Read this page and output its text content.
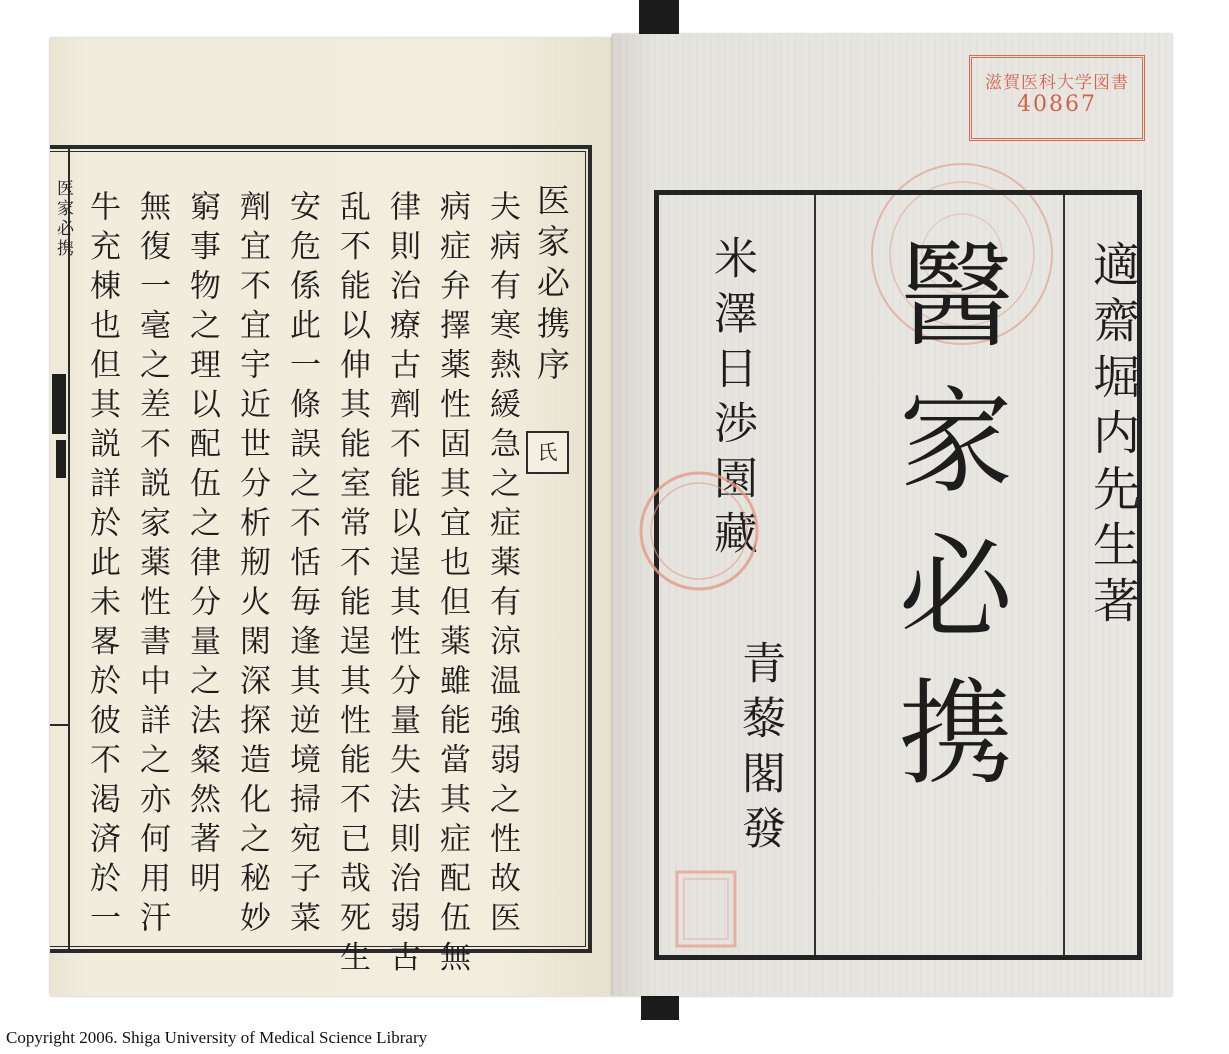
医家必携	医家必携序
⽒
夫病有寒熱緩急之症薬有涼温強弱之性故医
病症弁擇薬性固其宜也但薬雖能當其症配伍無
律則治療古劑不能以逞其性分量失法則治弱古
乱不能以伸其能室常不能逞其性能不已哉死生
安危係此一條誤之不恬毎逢其逆境掃宛子菜
劑宜不宜宇近世分析剏火閑深探造化之秘妙
窮事物之理以配伍之律分量之法粲然著明
無復一毫之差不説家薬性書中詳之亦何用汗
牛充棟也但其説詳於此未畧於彼不渇済於一
滋賀医科大学図書
40867
醫家必携	適齋堀内先生著
米澤日渉園藏
青藜閣發
Copyright 2006. Shiga University of Medical Science Library
